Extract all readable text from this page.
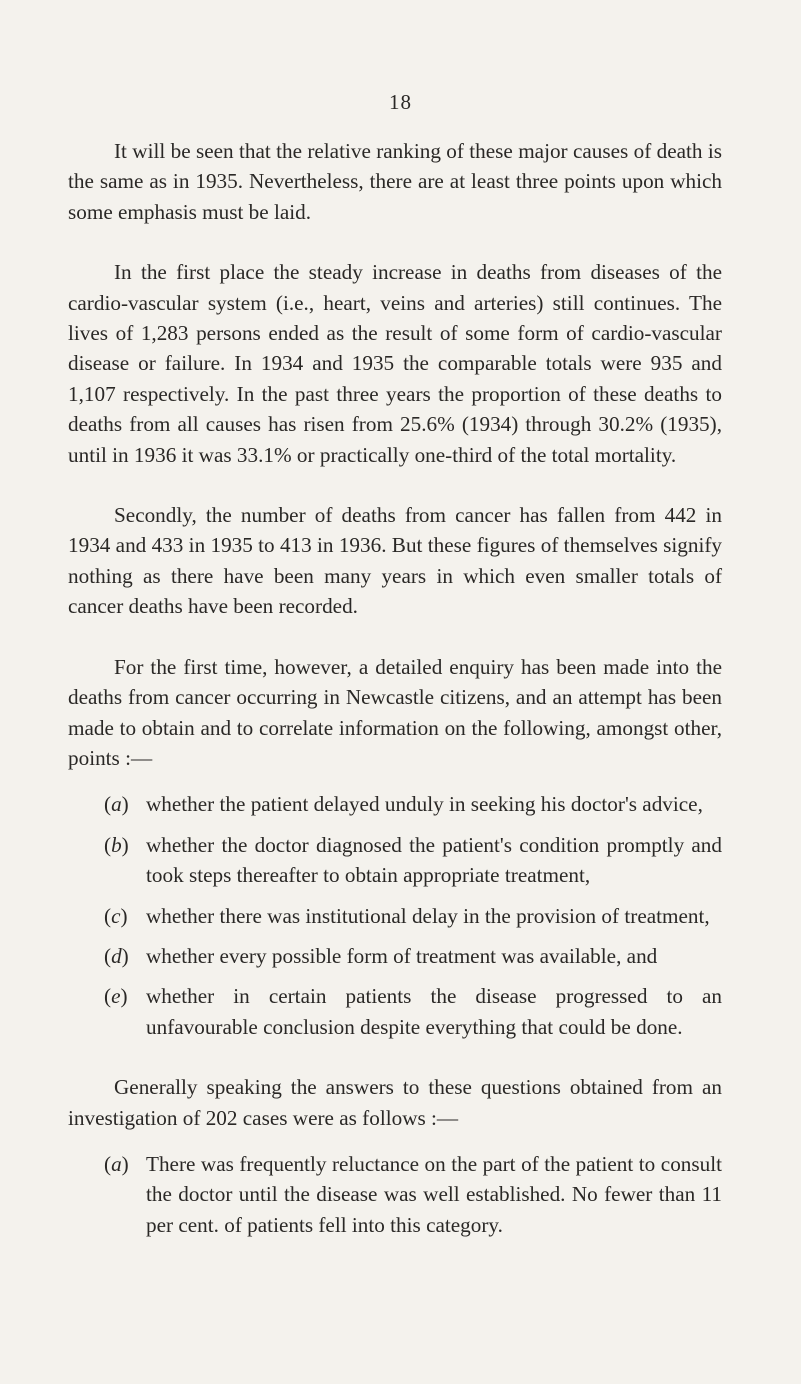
18

It will be seen that the relative ranking of these major causes of death is the same as in 1935. Nevertheless, there are at least three points upon which some emphasis must be laid.

In the first place the steady increase in deaths from diseases of the cardio-vascular system (i.e., heart, veins and arteries) still continues. The lives of 1,283 persons ended as the result of some form of cardio-vascular disease or failure. In 1934 and 1935 the comparable totals were 935 and 1,107 respectively. In the past three years the proportion of these deaths to deaths from all causes has risen from 25.6% (1934) through 30.2% (1935), until in 1936 it was 33.1% or practically one-third of the total mortality.

Secondly, the number of deaths from cancer has fallen from 442 in 1934 and 433 in 1935 to 413 in 1936. But these figures of themselves signify nothing as there have been many years in which even smaller totals of cancer deaths have been recorded.

For the first time, however, a detailed enquiry has been made into the deaths from cancer occurring in Newcastle citizens, and an attempt has been made to obtain and to correlate information on the following, amongst other, points :—

(a) whether the patient delayed unduly in seeking his doctor's advice,
(b) whether the doctor diagnosed the patient's condition promptly and took steps thereafter to obtain appropriate treatment,
(c) whether there was institutional delay in the provision of treatment,
(d) whether every possible form of treatment was available, and
(e) whether in certain patients the disease progressed to an unfavourable conclusion despite everything that could be done.

Generally speaking the answers to these questions obtained from an investigation of 202 cases were as follows :—

(a) There was frequently reluctance on the part of the patient to consult the doctor until the disease was well established. No fewer than 11 per cent. of patients fell into this category.
